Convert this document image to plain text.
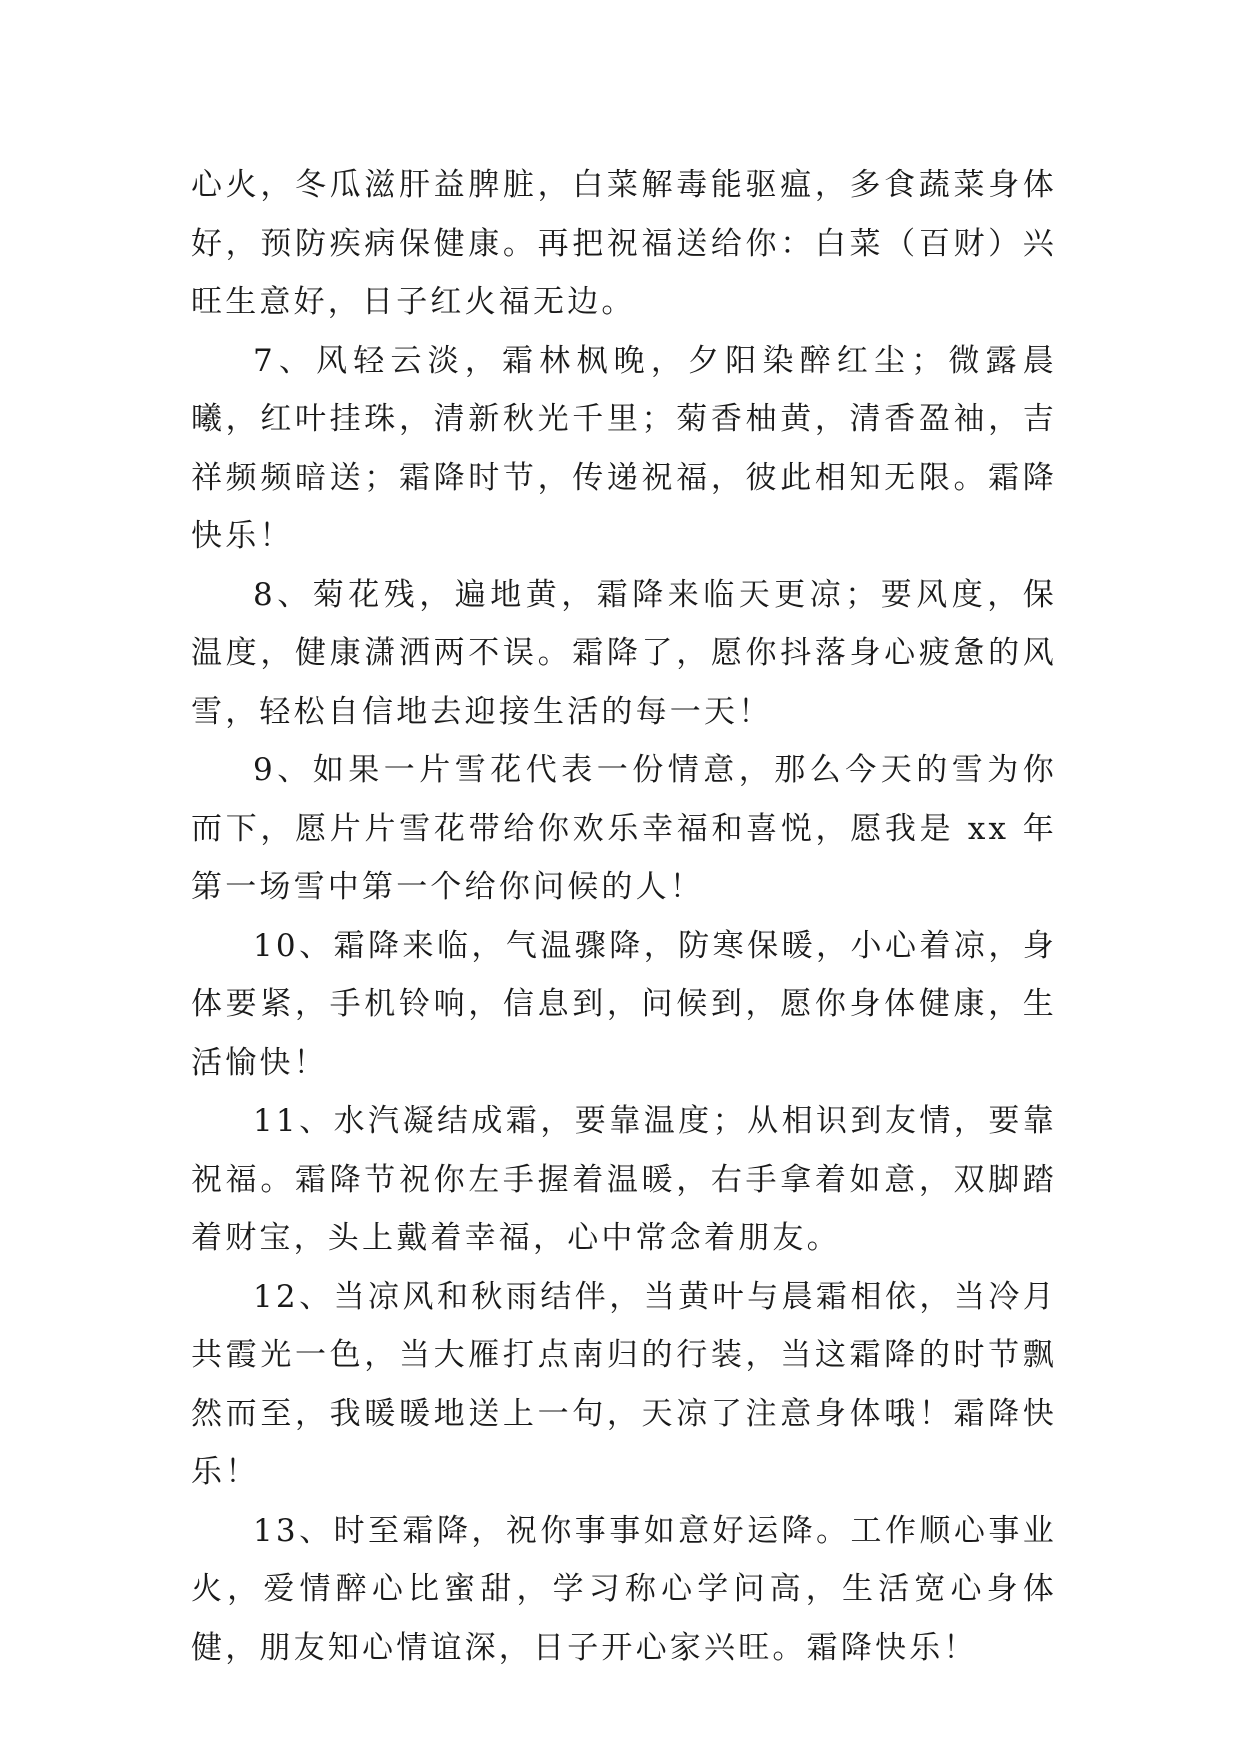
心火，冬瓜滋肝益脾脏，白菜解毒能驱瘟，多食蔬菜身体好，预防疾病保健康。再把祝福送给你：白菜（百财）兴旺生意好，日子红火福无边。

7、风轻云淡，霜林枫晚，夕阳染醉红尘；微露晨曦，红叶挂珠，清新秋光千里；菊香柚黄，清香盈袖，吉祥频频暗送；霜降时节，传递祝福，彼此相知无限。霜降快乐！

8、菊花残，遍地黄，霜降来临天更凉；要风度，保温度，健康潇洒两不误。霜降了，愿你抖落身心疲惫的风雪，轻松自信地去迎接生活的每一天！

9、如果一片雪花代表一份情意，那么今天的雪为你而下，愿片片雪花带给你欢乐幸福和喜悦，愿我是 xx 年第一场雪中第一个给你问候的人！

10、霜降来临，气温骤降，防寒保暖，小心着凉，身体要紧，手机铃响，信息到，问候到，愿你身体健康，生活愉快！

11、水汽凝结成霜，要靠温度；从相识到友情，要靠祝福。霜降节祝你左手握着温暖，右手拿着如意，双脚踏着财宝，头上戴着幸福，心中常念着朋友。

12、当凉风和秋雨结伴，当黄叶与晨霜相依，当冷月共霞光一色，当大雁打点南归的行装，当这霜降的时节飘然而至，我暖暖地送上一句，天凉了注意身体哦！霜降快乐！

13、时至霜降，祝你事事如意好运降。工作顺心事业火，爱情醉心比蜜甜，学习称心学问高，生活宽心身体健，朋友知心情谊深，日子开心家兴旺。霜降快乐！
